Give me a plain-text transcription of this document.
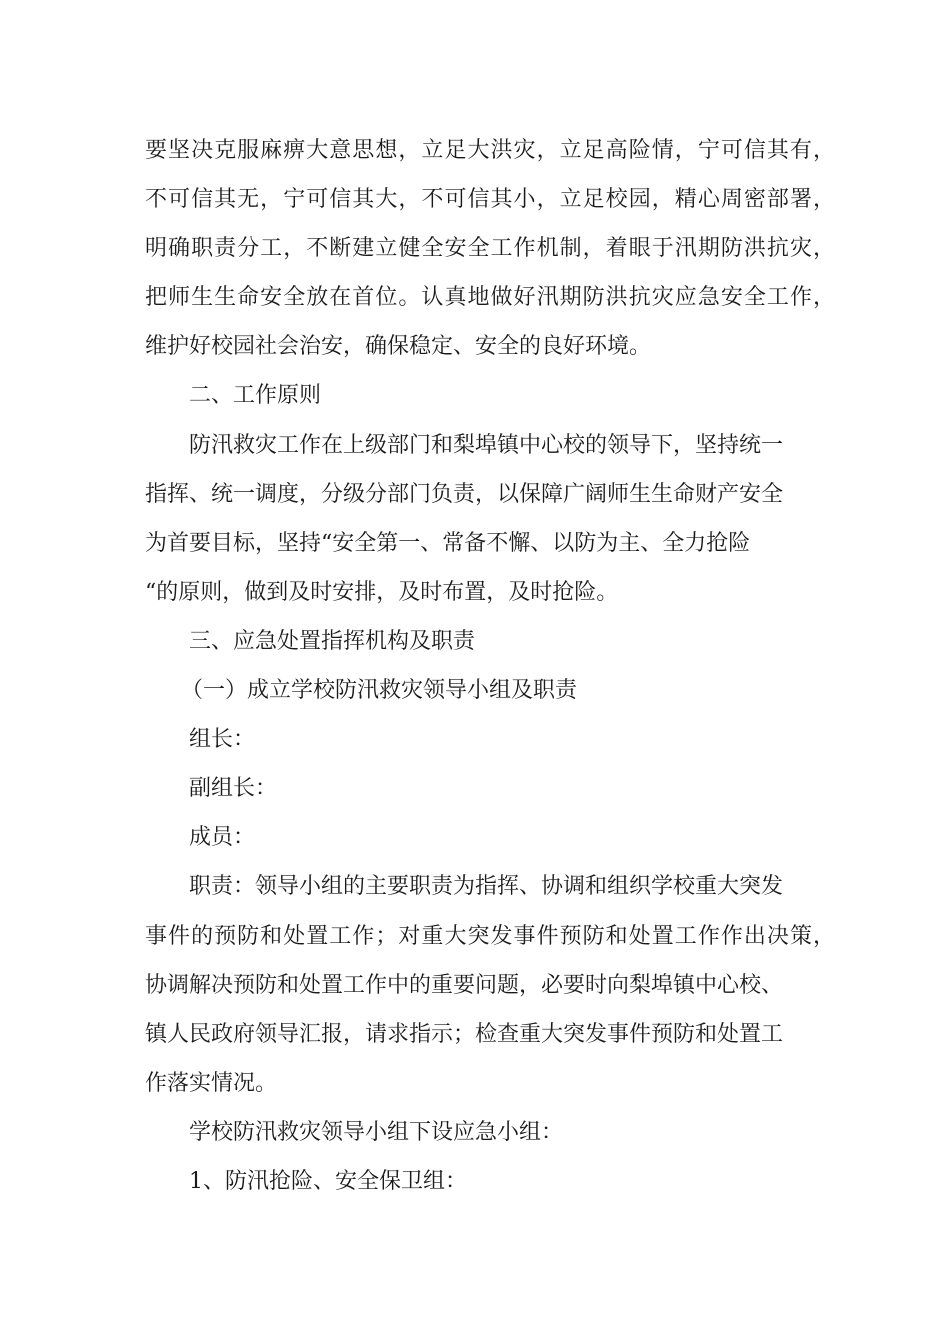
要坚决克服麻痹大意思想，立足大洪灾，立足高险情，宁可信其有，
不可信其无，宁可信其大，不可信其小，立足校园，精心周密部署，
明确职责分工，不断建立健全安全工作机制，着眼于汛期防洪抗灾，
把师生生命安全放在首位。认真地做好汛期防洪抗灾应急安全工作，
维护好校园社会治安，确保稳定、安全的良好环境。
二、工作原则
防汛救灾工作在上级部门和梨埠镇中心校的领导下，坚持统一
指挥、统一调度，分级分部门负责，以保障广阔师生生命财产安全
为首要目标，坚持“安全第一、常备不懈、以防为主、全力抢险
“的原则，做到及时安排，及时布置，及时抢险。
三、应急处置指挥机构及职责
（一）成立学校防汛救灾领导小组及职责
组长：
副组长：
成员：
职责：领导小组的主要职责为指挥、协调和组织学校重大突发
事件的预防和处置工作；对重大突发事件预防和处置工作作出决策，
协调解决预防和处置工作中的重要问题，必要时向梨埠镇中心校、
镇人民政府领导汇报，请求指示；检查重大突发事件预防和处置工
作落实情况。
学校防汛救灾领导小组下设应急小组：
1、防汛抢险、安全保卫组：
